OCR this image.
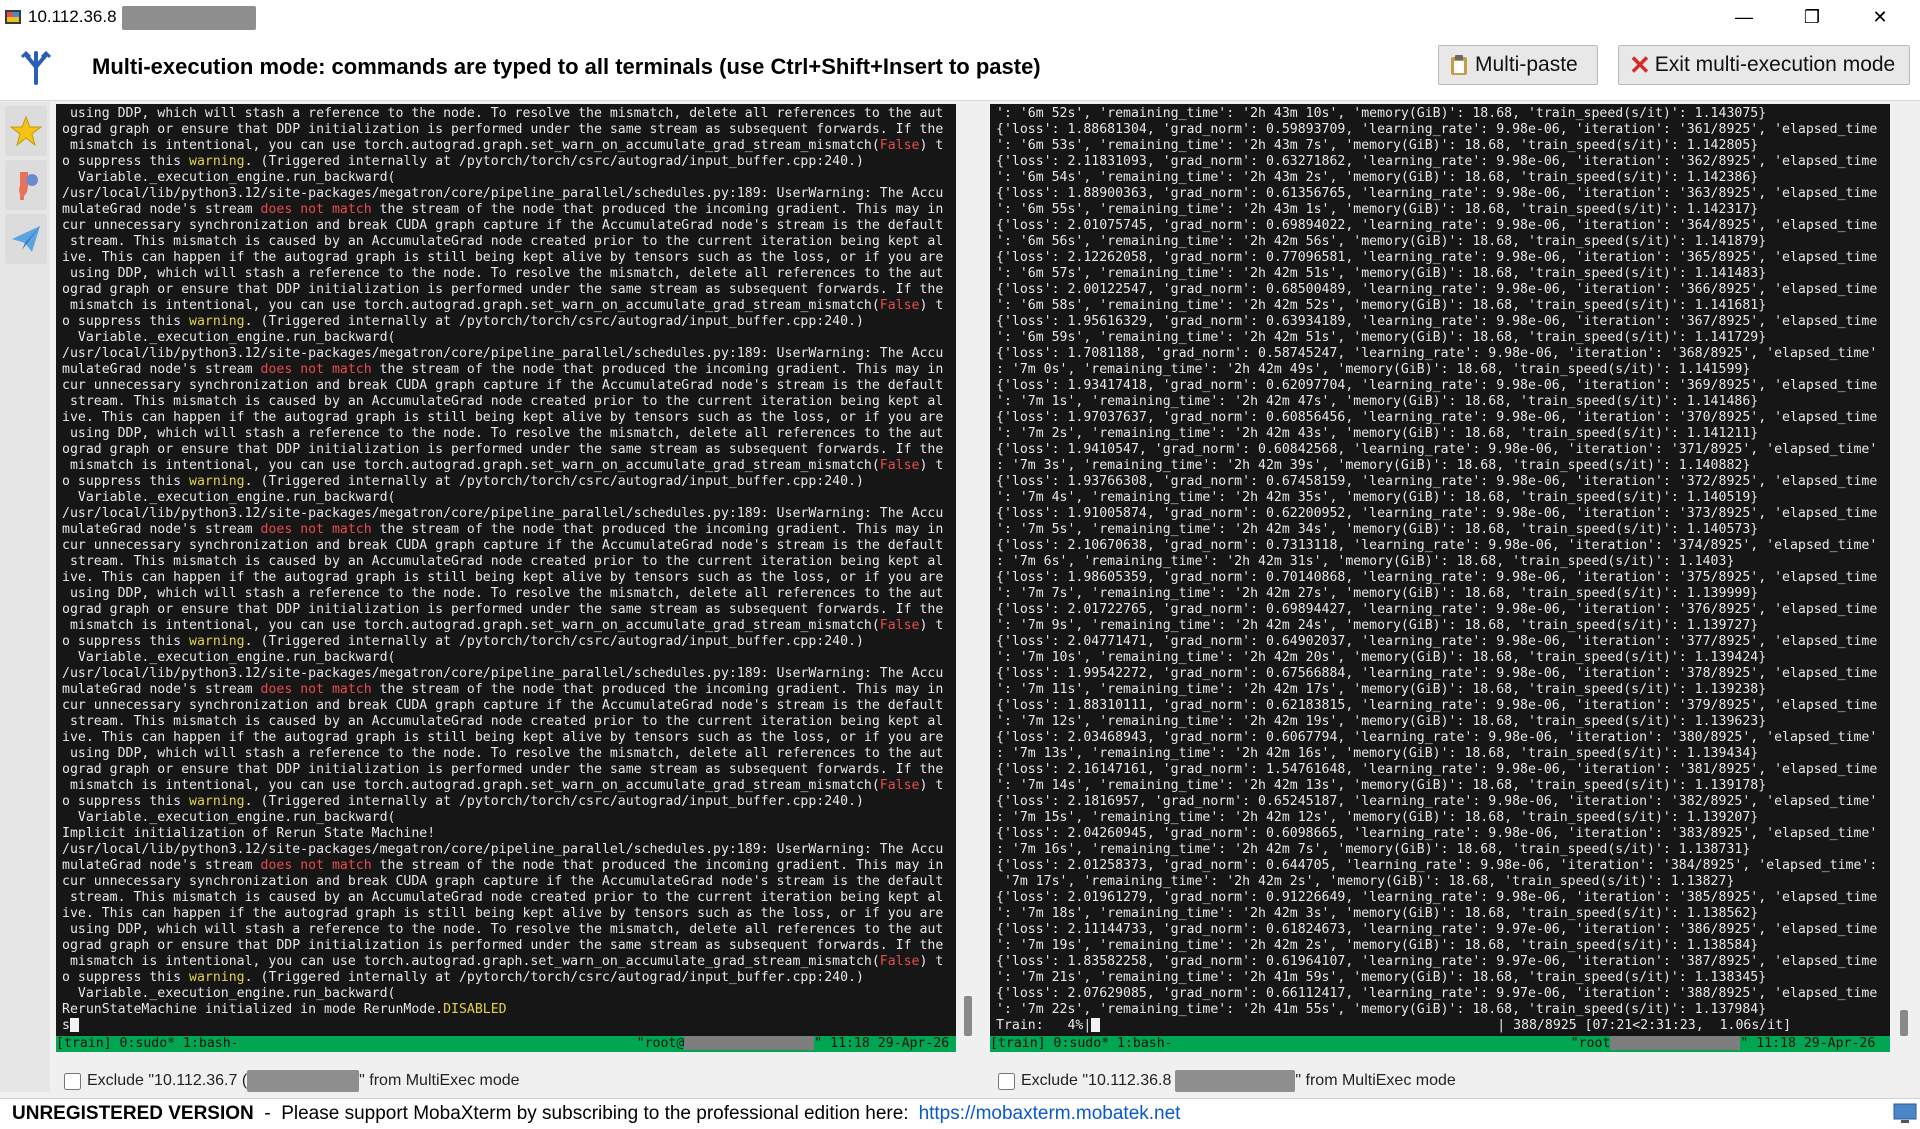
10.112.36.8	—	❐	✕
Multi-execution mode: commands are typed to all terminals (use Ctrl+Shift+Insert to paste)	Multi-paste ✕ Exit multi-execution mode
using DDP, which will stash a reference to the node. To resolve the mismatch, delete all references to the aut
ograd graph or ensure that DDP initialization is performed under the same stream as subsequent forwards. If the
mismatch is intentional, you can use torch.autograd.graph.set_warn_on_accumulate_grad_stream_mismatch(False) t
o suppress this warning. (Triggered internally at /pytorch/torch/csrc/autograd/input_buffer.cpp:240.)
Variable._execution_engine.run_backward(
/usr/local/lib/python3.12/site-packages/megatron/core/pipeline_parallel/schedules.py:189: UserWarning: The Accu
mulateGrad node's stream does not match the stream of the node that produced the incoming gradient. This may in
cur unnecessary synchronization and break CUDA graph capture if the AccumulateGrad node's stream is the default
stream. This mismatch is caused by an AccumulateGrad node created prior to the current iteration being kept al
ive. This can happen if the autograd graph is still being kept alive by tensors such as the loss, or if you are
using DDP, which will stash a reference to the node. To resolve the mismatch, delete all references to the aut
ograd graph or ensure that DDP initialization is performed under the same stream as subsequent forwards. If the
mismatch is intentional, you can use torch.autograd.graph.set_warn_on_accumulate_grad_stream_mismatch(False) t
o suppress this warning. (Triggered internally at /pytorch/torch/csrc/autograd/input_buffer.cpp:240.)
Variable._execution_engine.run_backward(
/usr/local/lib/python3.12/site-packages/megatron/core/pipeline_parallel/schedules.py:189: UserWarning: The Accu
mulateGrad node's stream does not match the stream of the node that produced the incoming gradient. This may in
cur unnecessary synchronization and break CUDA graph capture if the AccumulateGrad node's stream is the default
stream. This mismatch is caused by an AccumulateGrad node created prior to the current iteration being kept al
ive. This can happen if the autograd graph is still being kept alive by tensors such as the loss, or if you are
using DDP, which will stash a reference to the node. To resolve the mismatch, delete all references to the aut
ograd graph or ensure that DDP initialization is performed under the same stream as subsequent forwards. If the
mismatch is intentional, you can use torch.autograd.graph.set_warn_on_accumulate_grad_stream_mismatch(False) t
o suppress this warning. (Triggered internally at /pytorch/torch/csrc/autograd/input_buffer.cpp:240.)
Variable._execution_engine.run_backward(
/usr/local/lib/python3.12/site-packages/megatron/core/pipeline_parallel/schedules.py:189: UserWarning: The Accu
mulateGrad node's stream does not match the stream of the node that produced the incoming gradient. This may in
cur unnecessary synchronization and break CUDA graph capture if the AccumulateGrad node's stream is the default
stream. This mismatch is caused by an AccumulateGrad node created prior to the current iteration being kept al
ive. This can happen if the autograd graph is still being kept alive by tensors such as the loss, or if you are
using DDP, which will stash a reference to the node. To resolve the mismatch, delete all references to the aut
ograd graph or ensure that DDP initialization is performed under the same stream as subsequent forwards. If the
mismatch is intentional, you can use torch.autograd.graph.set_warn_on_accumulate_grad_stream_mismatch(False) t
o suppress this warning. (Triggered internally at /pytorch/torch/csrc/autograd/input_buffer.cpp:240.)
Variable._execution_engine.run_backward(
/usr/local/lib/python3.12/site-packages/megatron/core/pipeline_parallel/schedules.py:189: UserWarning: The Accu
mulateGrad node's stream does not match the stream of the node that produced the incoming gradient. This may in
cur unnecessary synchronization and break CUDA graph capture if the AccumulateGrad node's stream is the default
stream. This mismatch is caused by an AccumulateGrad node created prior to the current iteration being kept al
ive. This can happen if the autograd graph is still being kept alive by tensors such as the loss, or if you are
using DDP, which will stash a reference to the node. To resolve the mismatch, delete all references to the aut
ograd graph or ensure that DDP initialization is performed under the same stream as subsequent forwards. If the
mismatch is intentional, you can use torch.autograd.graph.set_warn_on_accumulate_grad_stream_mismatch(False) t
o suppress this warning. (Triggered internally at /pytorch/torch/csrc/autograd/input_buffer.cpp:240.)
Variable._execution_engine.run_backward(
Implicit initialization of Rerun State Machine!
/usr/local/lib/python3.12/site-packages/megatron/core/pipeline_parallel/schedules.py:189: UserWarning: The Accu
mulateGrad node's stream does not match the stream of the node that produced the incoming gradient. This may in
cur unnecessary synchronization and break CUDA graph capture if the AccumulateGrad node's stream is the default
stream. This mismatch is caused by an AccumulateGrad node created prior to the current iteration being kept al
ive. This can happen if the autograd graph is still being kept alive by tensors such as the loss, or if you are
using DDP, which will stash a reference to the node. To resolve the mismatch, delete all references to the aut
ograd graph or ensure that DDP initialization is performed under the same stream as subsequent forwards. If the
mismatch is intentional, you can use torch.autograd.graph.set_warn_on_accumulate_grad_stream_mismatch(False) t
o suppress this warning. (Triggered internally at /pytorch/torch/csrc/autograd/input_buffer.cpp:240.)
Variable._execution_engine.run_backward(
RerunStateMachine initialized in mode RerunMode.DISABLED
s
[train] 0:sudo* 1:bash-	"root@	" 11:18 29-Apr-26
': '6m 52s', 'remaining_time': '2h 43m 10s', 'memory(GiB)': 18.68, 'train_speed(s/it)': 1.143075}
{'loss': 1.88681304, 'grad_norm': 0.59893709, 'learning_rate': 9.98e-06, 'iteration': '361/8925', 'elapsed_time
': '6m 53s', 'remaining_time': '2h 43m 7s', 'memory(GiB)': 18.68, 'train_speed(s/it)': 1.142805}
{'loss': 2.11831093, 'grad_norm': 0.63271862, 'learning_rate': 9.98e-06, 'iteration': '362/8925', 'elapsed_time
': '6m 54s', 'remaining_time': '2h 43m 2s', 'memory(GiB)': 18.68, 'train_speed(s/it)': 1.142386}
{'loss': 1.88900363, 'grad_norm': 0.61356765, 'learning_rate': 9.98e-06, 'iteration': '363/8925', 'elapsed_time
': '6m 55s', 'remaining_time': '2h 43m 1s', 'memory(GiB)': 18.68, 'train_speed(s/it)': 1.142317}
{'loss': 2.01075745, 'grad_norm': 0.69894022, 'learning_rate': 9.98e-06, 'iteration': '364/8925', 'elapsed_time
': '6m 56s', 'remaining_time': '2h 42m 56s', 'memory(GiB)': 18.68, 'train_speed(s/it)': 1.141879}
{'loss': 2.12262058, 'grad_norm': 0.77096581, 'learning_rate': 9.98e-06, 'iteration': '365/8925', 'elapsed_time
': '6m 57s', 'remaining_time': '2h 42m 51s', 'memory(GiB)': 18.68, 'train_speed(s/it)': 1.141483}
{'loss': 2.00122547, 'grad_norm': 0.68500489, 'learning_rate': 9.98e-06, 'iteration': '366/8925', 'elapsed_time
': '6m 58s', 'remaining_time': '2h 42m 52s', 'memory(GiB)': 18.68, 'train_speed(s/it)': 1.141681}
{'loss': 1.95616329, 'grad_norm': 0.63934189, 'learning_rate': 9.98e-06, 'iteration': '367/8925', 'elapsed_time
': '6m 59s', 'remaining_time': '2h 42m 51s', 'memory(GiB)': 18.68, 'train_speed(s/it)': 1.141729}
{'loss': 1.7081188, 'grad_norm': 0.58745247, 'learning_rate': 9.98e-06, 'iteration': '368/8925', 'elapsed_time'
: '7m 0s', 'remaining_time': '2h 42m 49s', 'memory(GiB)': 18.68, 'train_speed(s/it)': 1.141599}
{'loss': 1.93417418, 'grad_norm': 0.62097704, 'learning_rate': 9.98e-06, 'iteration': '369/8925', 'elapsed_time
': '7m 1s', 'remaining_time': '2h 42m 47s', 'memory(GiB)': 18.68, 'train_speed(s/it)': 1.141486}
{'loss': 1.97037637, 'grad_norm': 0.60856456, 'learning_rate': 9.98e-06, 'iteration': '370/8925', 'elapsed_time
': '7m 2s', 'remaining_time': '2h 42m 43s', 'memory(GiB)': 18.68, 'train_speed(s/it)': 1.141211}
{'loss': 1.9410547, 'grad_norm': 0.60842568, 'learning_rate': 9.98e-06, 'iteration': '371/8925', 'elapsed_time'
: '7m 3s', 'remaining_time': '2h 42m 39s', 'memory(GiB)': 18.68, 'train_speed(s/it)': 1.140882}
{'loss': 1.93766308, 'grad_norm': 0.67458159, 'learning_rate': 9.98e-06, 'iteration': '372/8925', 'elapsed_time
': '7m 4s', 'remaining_time': '2h 42m 35s', 'memory(GiB)': 18.68, 'train_speed(s/it)': 1.140519}
{'loss': 1.91005874, 'grad_norm': 0.62200952, 'learning_rate': 9.98e-06, 'iteration': '373/8925', 'elapsed_time
': '7m 5s', 'remaining_time': '2h 42m 34s', 'memory(GiB)': 18.68, 'train_speed(s/it)': 1.140573}
{'loss': 2.10670638, 'grad_norm': 0.7313118, 'learning_rate': 9.98e-06, 'iteration': '374/8925', 'elapsed_time'
: '7m 6s', 'remaining_time': '2h 42m 31s', 'memory(GiB)': 18.68, 'train_speed(s/it)': 1.1403}
{'loss': 1.98605359, 'grad_norm': 0.70140868, 'learning_rate': 9.98e-06, 'iteration': '375/8925', 'elapsed_time
': '7m 7s', 'remaining_time': '2h 42m 27s', 'memory(GiB)': 18.68, 'train_speed(s/it)': 1.139999}
{'loss': 2.01722765, 'grad_norm': 0.69894427, 'learning_rate': 9.98e-06, 'iteration': '376/8925', 'elapsed_time
': '7m 9s', 'remaining_time': '2h 42m 24s', 'memory(GiB)': 18.68, 'train_speed(s/it)': 1.139727}
{'loss': 2.04771471, 'grad_norm': 0.64902037, 'learning_rate': 9.98e-06, 'iteration': '377/8925', 'elapsed_time
': '7m 10s', 'remaining_time': '2h 42m 20s', 'memory(GiB)': 18.68, 'train_speed(s/it)': 1.139424}
{'loss': 1.99542272, 'grad_norm': 0.67566884, 'learning_rate': 9.98e-06, 'iteration': '378/8925', 'elapsed_time
': '7m 11s', 'remaining_time': '2h 42m 17s', 'memory(GiB)': 18.68, 'train_speed(s/it)': 1.139238}
{'loss': 1.88310111, 'grad_norm': 0.62183815, 'learning_rate': 9.98e-06, 'iteration': '379/8925', 'elapsed_time
': '7m 12s', 'remaining_time': '2h 42m 19s', 'memory(GiB)': 18.68, 'train_speed(s/it)': 1.139623}
{'loss': 2.03468943, 'grad_norm': 0.6067794, 'learning_rate': 9.98e-06, 'iteration': '380/8925', 'elapsed_time'
: '7m 13s', 'remaining_time': '2h 42m 16s', 'memory(GiB)': 18.68, 'train_speed(s/it)': 1.139434}
{'loss': 2.16147161, 'grad_norm': 1.54761648, 'learning_rate': 9.98e-06, 'iteration': '381/8925', 'elapsed_time
': '7m 14s', 'remaining_time': '2h 42m 13s', 'memory(GiB)': 18.68, 'train_speed(s/it)': 1.139178}
{'loss': 2.1816957, 'grad_norm': 0.65245187, 'learning_rate': 9.98e-06, 'iteration': '382/8925', 'elapsed_time'
: '7m 15s', 'remaining_time': '2h 42m 12s', 'memory(GiB)': 18.68, 'train_speed(s/it)': 1.139207}
{'loss': 2.04260945, 'grad_norm': 0.6098665, 'learning_rate': 9.98e-06, 'iteration': '383/8925', 'elapsed_time'
: '7m 16s', 'remaining_time': '2h 42m 7s', 'memory(GiB)': 18.68, 'train_speed(s/it)': 1.138731}
{'loss': 2.01258373, 'grad_norm': 0.644705, 'learning_rate': 9.98e-06, 'iteration': '384/8925', 'elapsed_time':
'7m 17s', 'remaining_time': '2h 42m 2s', 'memory(GiB)': 18.68, 'train_speed(s/it)': 1.13827}
{'loss': 2.01961279, 'grad_norm': 0.91226649, 'learning_rate': 9.98e-06, 'iteration': '385/8925', 'elapsed_time
': '7m 18s', 'remaining_time': '2h 42m 3s', 'memory(GiB)': 18.68, 'train_speed(s/it)': 1.138562}
{'loss': 2.11144733, 'grad_norm': 0.61824673, 'learning_rate': 9.97e-06, 'iteration': '386/8925', 'elapsed_time
': '7m 19s', 'remaining_time': '2h 42m 2s', 'memory(GiB)': 18.68, 'train_speed(s/it)': 1.138584}
{'loss': 1.83582258, 'grad_norm': 0.61964107, 'learning_rate': 9.97e-06, 'iteration': '387/8925', 'elapsed_time
': '7m 21s', 'remaining_time': '2h 41m 59s', 'memory(GiB)': 18.68, 'train_speed(s/it)': 1.138345}
{'loss': 2.07629085, 'grad_norm': 0.66112417, 'learning_rate': 9.97e-06, 'iteration': '388/8925', 'elapsed_time
': '7m 22s', 'remaining_time': '2h 41m 55s', 'memory(GiB)': 18.68, 'train_speed(s/it)': 1.137984}
Train:   4%|                                                  | 388/8925 [07:21<2:31:23,  1.06s/it]
[train] 0:sudo* 1:bash-	"root	" 11:18 29-Apr-26
Exclude "10.112.36.7 (	" from MultiExec mode	Exclude "10.112.36.8	" from MultiExec mode
UNREGISTERED VERSION -  Please support MobaXterm by subscribing to the professional edition here: https://mobaxterm.mobatek.net
